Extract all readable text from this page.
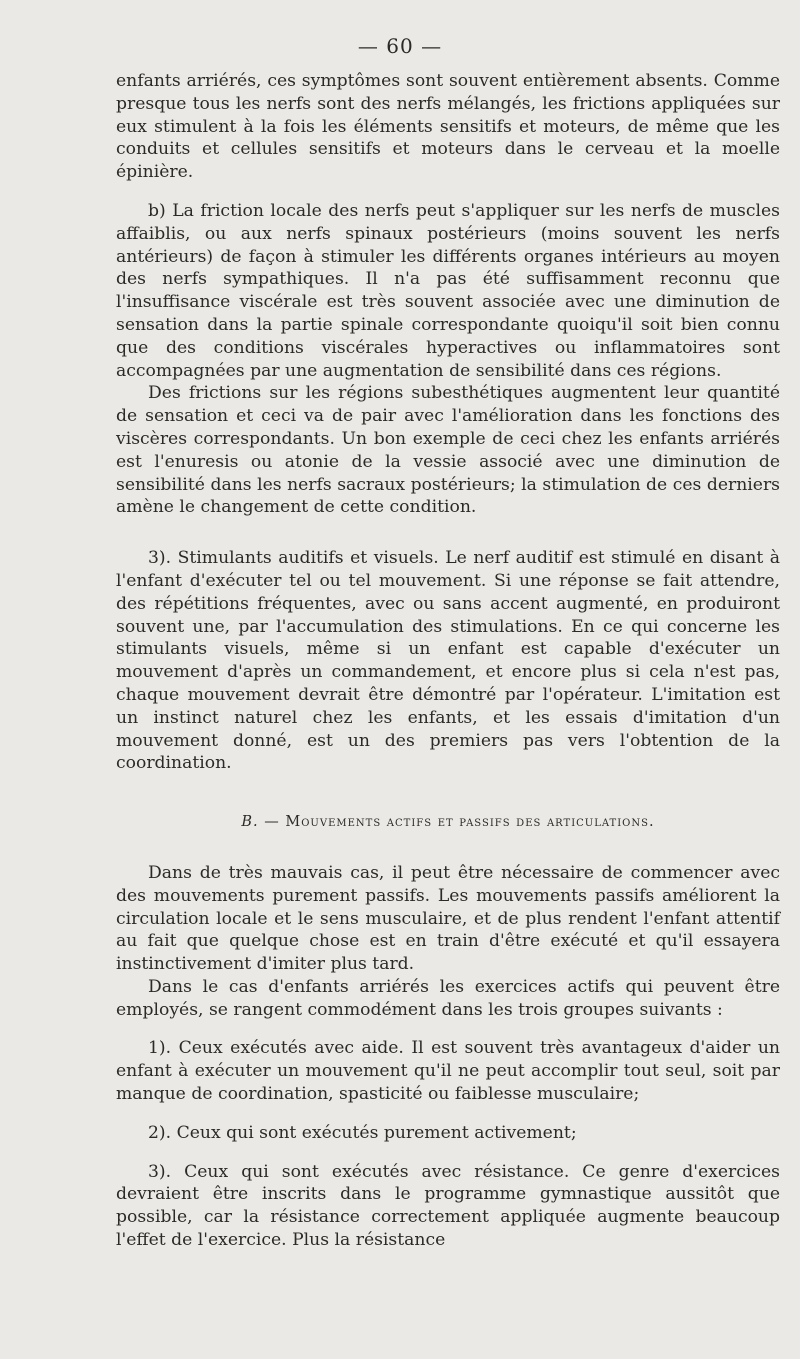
— 60 —

enfants arriérés, ces symptômes sont souvent entièrement absents. Comme presque tous les nerfs sont des nerfs mélangés, les frictions appliquées sur eux stimulent à la fois les éléments sensitifs et moteurs, de même que les conduits et cellules sensitifs et moteurs dans le cerveau et la moelle épinière.

b) La friction locale des nerfs peut s'appliquer sur les nerfs de muscles affaiblis, ou aux nerfs spinaux postérieurs (moins souvent les nerfs antérieurs) de façon à stimuler les différents organes intérieurs au moyen des nerfs sympathiques. Il n'a pas été suffisamment reconnu que l'insuffisance viscérale est très souvent associée avec une diminution de sensation dans la partie spinale correspondante quoiqu'il soit bien connu que des conditions viscérales hyperactives ou inflammatoires sont accompagnées par une augmentation de sensibilité dans ces régions.

Des frictions sur les régions subesthétiques augmentent leur quantité de sensation et ceci va de pair avec l'amélioration dans les fonctions des viscères correspondants. Un bon exemple de ceci chez les enfants arriérés est l'enuresis ou atonie de la vessie associé avec une diminution de sensibilité dans les nerfs sacraux postérieurs; la stimulation de ces derniers amène le changement de cette condition.

3). Stimulants auditifs et visuels. Le nerf auditif est stimulé en disant à l'enfant d'exécuter tel ou tel mouvement. Si une réponse se fait attendre, des répétitions fréquentes, avec ou sans accent augmenté, en produiront souvent une, par l'accumulation des stimulations. En ce qui concerne les stimulants visuels, même si un enfant est capable d'exécuter un mouvement d'après un commandement, et encore plus si cela n'est pas, chaque mouvement devrait être démontré par l'opérateur. L'imitation est un instinct naturel chez les enfants, et les essais d'imitation d'un mouvement donné, est un des premiers pas vers l'obtention de la coordination.

B. — Mouvements actifs et passifs des articulations.

Dans de très mauvais cas, il peut être nécessaire de commencer avec des mouvements purement passifs. Les mouvements passifs améliorent la circulation locale et le sens musculaire, et de plus rendent l'enfant attentif au fait que quelque chose est en train d'être exécuté et qu'il essayera instinctivement d'imiter plus tard.

Dans le cas d'enfants arriérés les exercices actifs qui peuvent être employés, se rangent commodément dans les trois groupes suivants :

1). Ceux exécutés avec aide. Il est souvent très avantageux d'aider un enfant à exécuter un mouvement qu'il ne peut accomplir tout seul, soit par manque de coordination, spasticité ou faiblesse musculaire;

2). Ceux qui sont exécutés purement activement;

3). Ceux qui sont exécutés avec résistance. Ce genre d'exercices devraient être inscrits dans le programme gymnastique aussitôt que possible, car la résistance correctement appliquée augmente beaucoup l'effet de l'exercice. Plus la résistance
